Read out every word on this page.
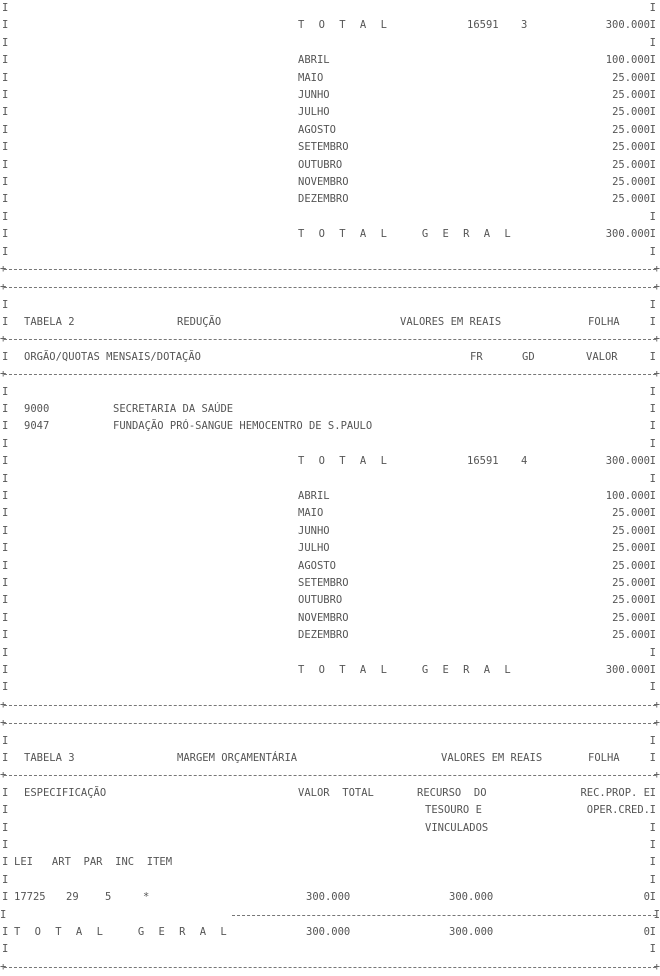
I	I
I	T O T A L	16591 3	300.000 I
I	I
I	ABRIL	100.000 I
I	MAIO	25.000 I
I	JUNHO	25.000 I
I	JULHO	25.000 I
I	AGOSTO	25.000 I
I	SETEMBRO	25.000 I
I	OUTUBRO	25.000 I
I	NOVEMBRO	25.000 I
I	DEZEMBRO	25.000 I
I	I
I	T O T A L   G E R A L	300.000 I
I	I
+	+
+	+
I	I
I TABELA 2	REDUÇÃO	VALORES EM REAIS	FOLHA	I
+	+
I ORGÃO/QUOTAS MENSAIS/DOTAÇÃO	FR	GD	VALOR	I
+	+
I	I
I 9000	SECRETARIA DA SAÚDE	I
I 9047	FUNDAÇÃO PRÓ-SANGUE HEMOCENTRO DE S.PAULO	I
I	I
I	T O T A L	16591 4	300.000 I
I	I
I	ABRIL	100.000 I
I	MAIO	25.000 I
I	JUNHO	25.000 I
I	JULHO	25.000 I
I	AGOSTO	25.000 I
I	SETEMBRO	25.000 I
I	OUTUBRO	25.000 I
I	NOVEMBRO	25.000 I
I	DEZEMBRO	25.000 I
I	I
I	T O T A L   G E R A L	300.000 I
I	I
+	+
+	+
I	I
I TABELA 3	MARGEM ORÇAMENTÁRIA	VALORES EM REAIS	FOLHA	I
+	+
I ESPECIFICAÇÃO	VALOR  TOTAL	RECURSO  DO	REC.PROP. E I
I	TESOURO E	OPER.CRED. I
I	VINCULADOS	I
I	I
I LEI   ART  PAR  INC  ITEM	I
I	I
I 17725 29	5	*	300.000	300.000	0 I
I	I
I T O T A L   G E R A L	300.000	300.000	0 I
I	I
+	+
